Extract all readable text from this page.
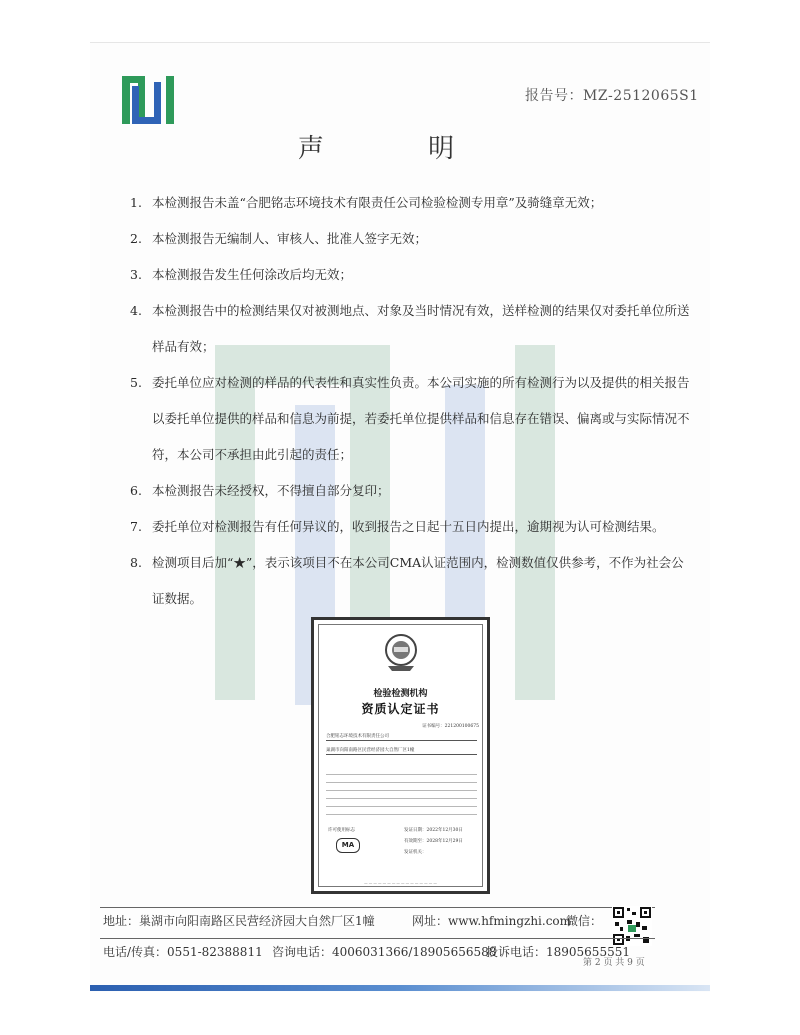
报告号：MZ-2512065S1
声 明
1. 本检测报告未盖“合肥铭志环境技术有限责任公司检验检测专用章”及骑缝章无效；
2. 本检测报告无编制人、审核人、批准人签字无效；
3. 本检测报告发生任何涂改后均无效；
4. 本检测报告中的检测结果仅对被测地点、对象及当时情况有效，送样检测的结果仅对委托单位所送样品有效；
5. 委托单位应对检测的样品的代表性和真实性负责。本公司实施的所有检测行为以及提供的相关报告以委托单位提供的样品和信息为前提，若委托单位提供样品和信息存在错误、偏离或与实际情况不符，本公司不承担由此引起的责任；
6. 本检测报告未经授权，不得擅自部分复印；
7. 委托单位对检测报告有任何异议的，收到报告之日起十五日内提出，逾期视为认可检测结果。
8. 检测项目后加“★”，表示该项目不在本公司CMA认证范围内，检测数值仅供参考，不作为社会公证数据。
检验检测机构
资质认定证书
证书编号：221200100675
合肥铭志环境技术有限责任公司
巢湖市向阳南路区民营经济园大自然厂区1幢
许可使用标志
MA
发证日期：2022年12月30日
有效期至：2028年12月29日
发证机关：
— — — — — — — — — — — — — — — —
地址：巢湖市向阳南路区民营经济园大自然厂区1幢	网址：www.hfmingzhi.com
微信：
电话/传真：0551-82388811 咨询电话：4006031366/18905656588
投诉电话：18905655551
第 2 页 共 9 页
